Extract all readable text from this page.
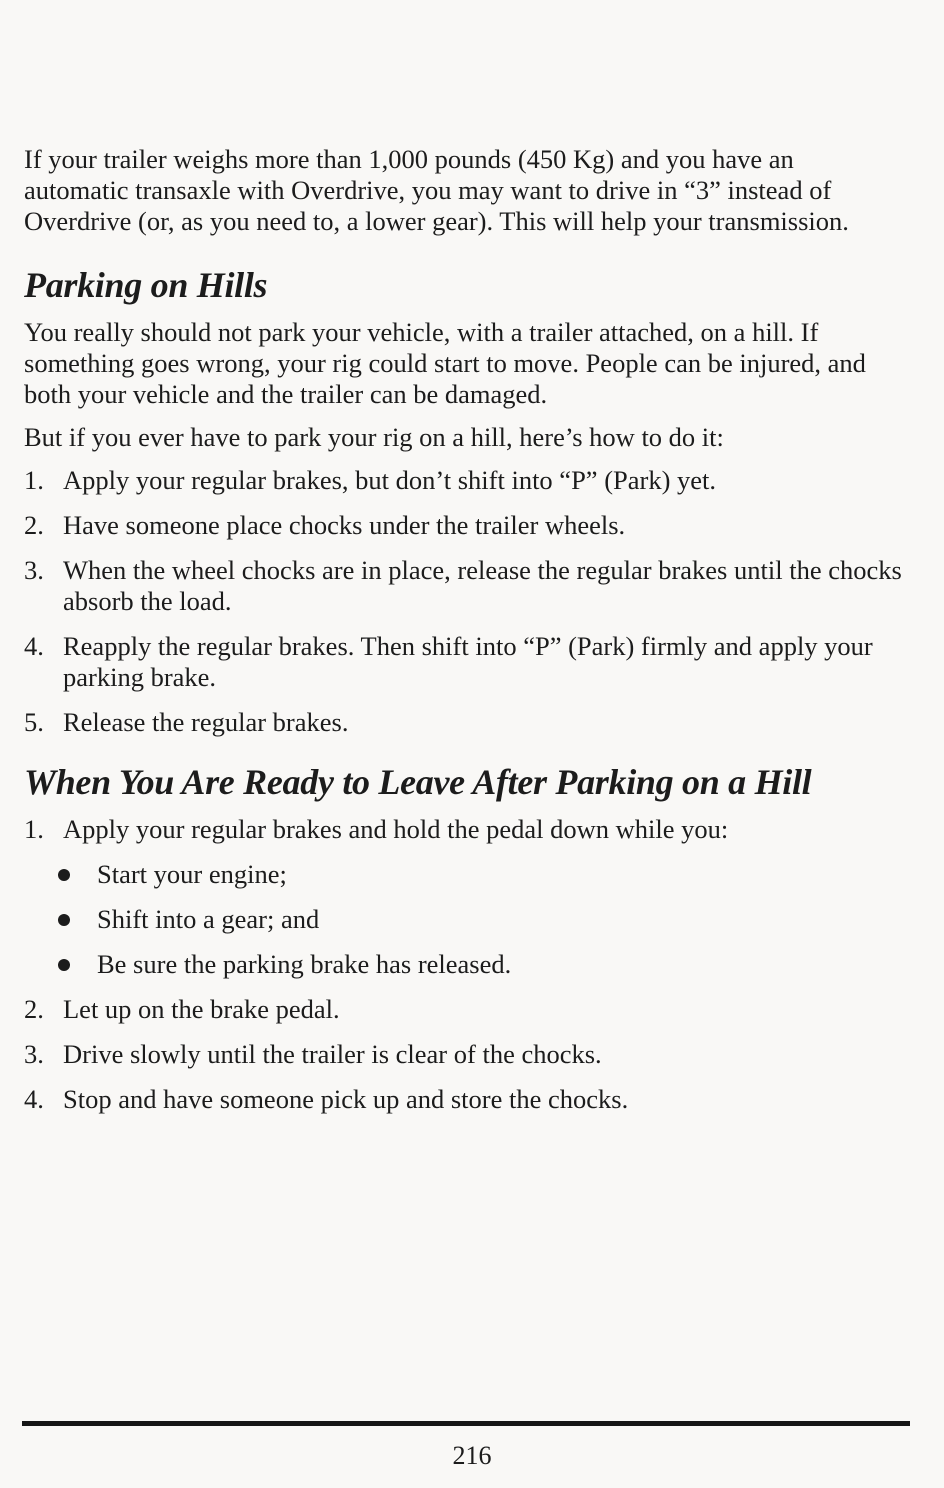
If your trailer weighs more than 1,000 pounds (450 Kg) and you have an automatic transaxle with Overdrive, you may want to drive in “3” instead of Overdrive (or, as you need to, a lower gear). This will help your transmission.

Parking on Hills

You really should not park your vehicle, with a trailer attached, on a hill. If something goes wrong, your rig could start to move. People can be injured, and both your vehicle and the trailer can be damaged.

But if you ever have to park your rig on a hill, here’s how to do it:

1. Apply your regular brakes, but don’t shift into “P” (Park) yet.
2. Have someone place chocks under the trailer wheels.
3. When the wheel chocks are in place, release the regular brakes until the chocks absorb the load.
4. Reapply the regular brakes. Then shift into “P” (Park) firmly and apply your parking brake.
5. Release the regular brakes.
When You Are Ready to Leave After Parking on a Hill
1. Apply your regular brakes and hold the pedal down while you:
Start your engine;
Shift into a gear; and
Be sure the parking brake has released.
2. Let up on the brake pedal.
3. Drive slowly until the trailer is clear of the chocks.
4. Stop and have someone pick up and store the chocks.
216
